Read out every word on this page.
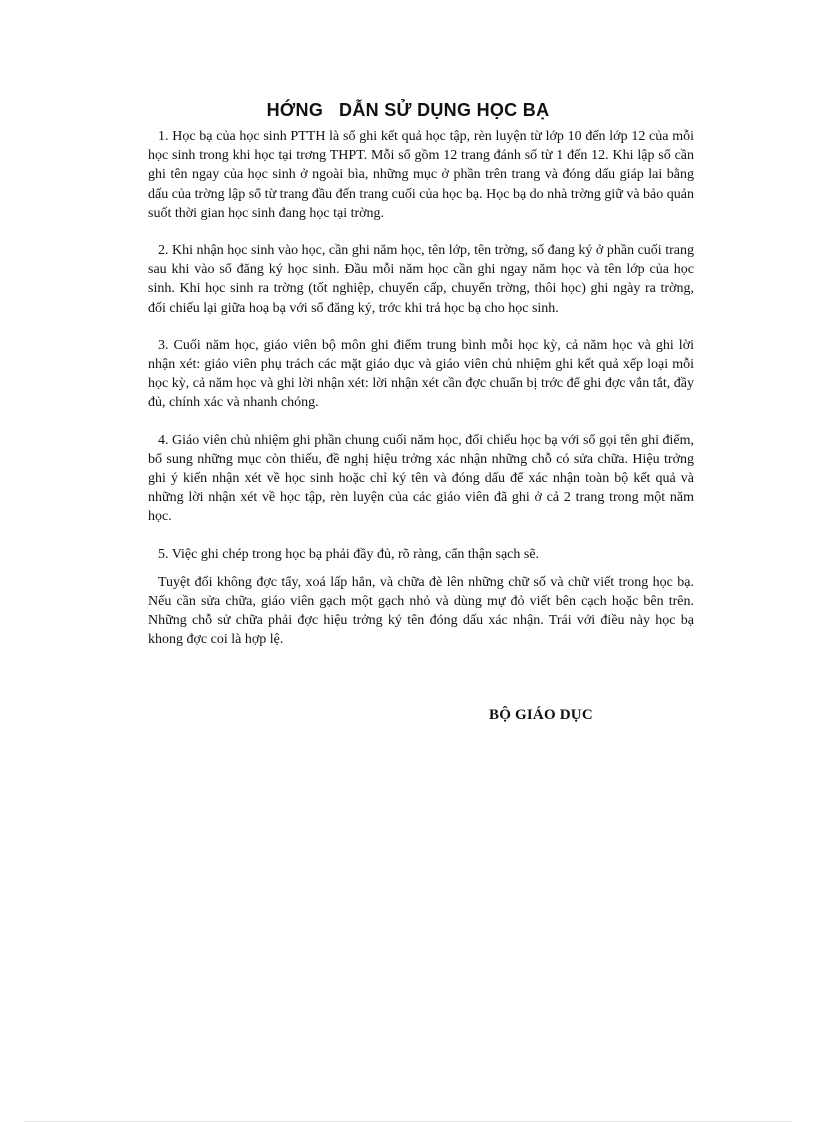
HỚNG   DẪN SỬ DỤNG HỌC BẠ

1. Học bạ của học sinh PTTH là sổ ghi kết quả học tập, rèn luyện từ lớp 10 đến lớp 12 của mỗi học sinh trong khi học tại trơng THPT. Mỗi sổ gồm 12 trang đánh số từ 1 đến 12. Khi lập sổ cần ghi tên ngay của học sinh ở ngoài bìa, những mục ở phần trên trang và đóng dấu giáp lai bằng dấu của trờng lập sổ từ trang đầu đến trang cuối của học bạ. Học bạ do nhà trờng giữ và bảo quản suốt thời gian học sinh đang học tại trờng.

2. Khi nhận học sinh vào học, cần ghi năm học, tên lớp, tên trờng, số đang ký ở phần cuối trang sau khi vào sổ đăng ký học sinh. Đầu mỗi năm học cần ghi ngay năm học và tên lớp của học sinh. Khi học sinh ra trờng (tốt nghiệp, chuyển cấp, chuyển trờng, thôi học) ghi ngày ra trờng, đối chiếu lại giữa hoạ bạ với sổ đăng ký, trớc khi trả học bạ cho học sinh.

3. Cuối năm học, giáo viên bộ môn ghi điểm trung bình mỗi học kỳ, cả năm học và ghi lời nhận xét: giáo viên phụ trách các mặt giáo dục và giáo viên chủ nhiệm ghi kết quả xếp loại mỗi học kỳ, cả năm học và ghi lời nhận xét: lời nhận xét cần đợc chuẩn bị trớc để ghi đợc vắn tắt, đầy đủ, chính xác và nhanh chóng.

4. Giáo viên chủ nhiệm ghi phần chung cuối năm học, đối chiếu học bạ với sổ gọi tên ghi điểm, bổ sung những mục còn thiếu, đề nghị hiệu trởng xác nhận những chỗ có sửa chữa. Hiệu trởng ghi ý kiến nhận xét về học sinh hoặc chỉ ký tên và đóng dấu để xác nhận toàn bộ kết quả và những lời nhận xét về học tập, rèn luyện của các giáo viên đã ghi ở cả 2 trang trong một năm học.

5. Việc ghi chép trong học bạ phải đầy đủ, rõ ràng, cẩn thận sạch sẽ.

Tuyệt đối không đợc tẩy, xoá lấp hẳn, và chữa đè lên những chữ số và chữ viết trong học bạ. Nếu cần sửa chữa, giáo viên gạch một gạch nhỏ và dùng mự đỏ viết bên cạch hoặc bên trên. Những chỗ sử chữa phải đợc hiệu trởng ký tên đóng dấu xác nhận. Trái với điều này học bạ khong đợc coi là hợp lệ.

BỘ GIÁO DỤC
